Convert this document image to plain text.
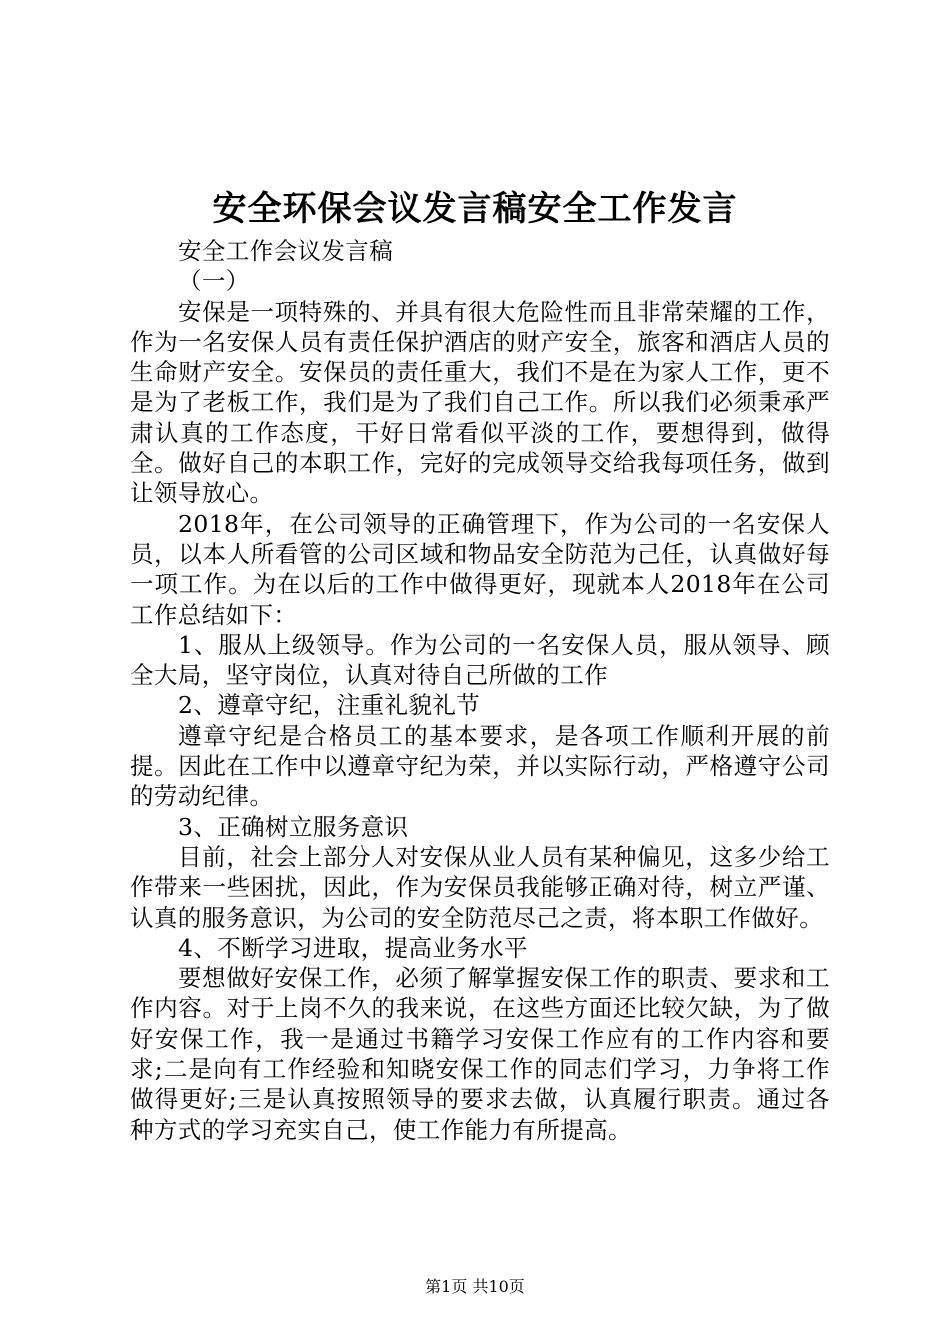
安全环保会议发言稿安全工作发言

安全工作会议发言稿

（一）

安保是一项特殊的、并具有很大危险性而且非常荣耀的工作，作为一名安保人员有责任保护酒店的财产安全，旅客和酒店人员的生命财产安全。安保员的责任重大，我们不是在为家人工作，更不是为了老板工作，我们是为了我们自己工作。所以我们必须秉承严肃认真的工作态度，干好日常看似平淡的工作，要想得到，做得全。做好自己的本职工作，完好的完成领导交给我每项任务，做到让领导放心。

2018年，在公司领导的正确管理下，作为公司的一名安保人员，以本人所看管的公司区域和物品安全防范为己任，认真做好每一项工作。为在以后的工作中做得更好，现就本人2018年在公司工作总结如下：

1、服从上级领导。作为公司的一名安保人员，服从领导、顾全大局，坚守岗位，认真对待自己所做的工作

2、遵章守纪，注重礼貌礼节

遵章守纪是合格员工的基本要求，是各项工作顺利开展的前提。因此在工作中以遵章守纪为荣，并以实际行动，严格遵守公司的劳动纪律。

3、正确树立服务意识

目前，社会上部分人对安保从业人员有某种偏见，这多少给工作带来一些困扰，因此，作为安保员我能够正确对待，树立严谨、认真的服务意识，为公司的安全防范尽己之责，将本职工作做好。

4、不断学习进取，提高业务水平

要想做好安保工作，必须了解掌握安保工作的职责、要求和工作内容。对于上岗不久的我来说，在这些方面还比较欠缺，为了做好安保工作，我一是通过书籍学习安保工作应有的工作内容和要求;二是向有工作经验和知晓安保工作的同志们学习，力争将工作做得更好;三是认真按照领导的要求去做，认真履行职责。通过各种方式的学习充实自己，使工作能力有所提高。

第1页 共10页
